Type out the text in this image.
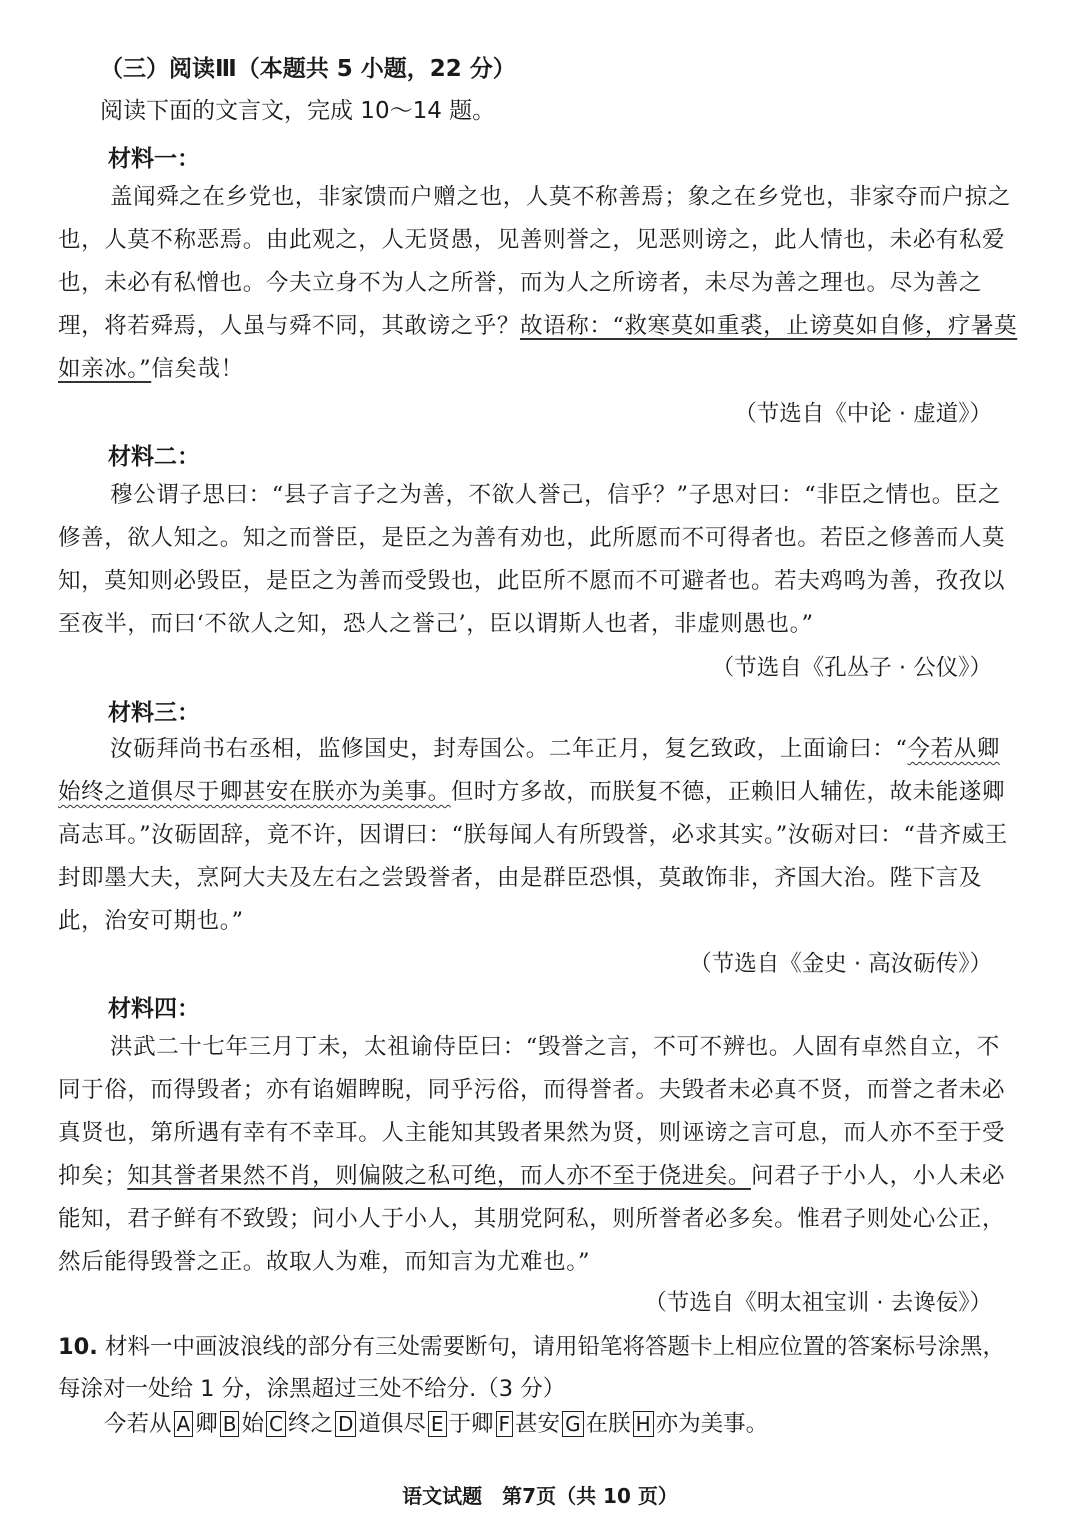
（三）阅读Ⅲ（本题共 5 小题，22 分）
阅读下面的文言文，完成 10～14 题。
材料一：

盖闻舜之在乡党也，非家馈而户赠之也，人莫不称善焉；象之在乡党也，非家夺而户掠之也，人莫不称恶焉。由此观之，人无贤愚，见善则誉之，见恶则谤之，此人情也，未必有私爱也，未必有私憎也。今夫立身不为人之所誉，而为人之所谤者，未尽为善之理也。尽为善之理，将若舜焉，人虽与舜不同，其敢谤之乎？故语称：“救寒莫如重裘，止谤莫如自修，疗暑莫如亲冰。”信矣哉！

（节选自《中论 · 虚道》）
材料二：

穆公谓子思曰：“县子言子之为善，不欲人誉己，信乎？”子思对曰：“非臣之情也。臣之修善，欲人知之。知之而誉臣，是臣之为善有劝也，此所愿而不可得者也。若臣之修善而人莫知，莫知则必毁臣，是臣之为善而受毁也，此臣所不愿而不可避者也。若夫鸡鸣为善，孜孜以至夜半，而曰‘不欲人之知，恐人之誉己’，臣以谓斯人也者，非虚则愚也。”

（节选自《孔丛子 · 公仪》）
材料三：

汝砺拜尚书右丞相，监修国史，封寿国公。二年正月，复乞致政，上面谕曰：“今若从卿始终之道俱尽于卿甚安在朕亦为美事。但时方多故，而朕复不德，正赖旧人辅佐，故未能遂卿高志耳。”汝砺固辞，竟不许，因谓曰：“朕每闻人有所毁誉，必求其实。”汝砺对曰：“昔齐威王封即墨大夫，烹阿大夫及左右之尝毁誉者，由是群臣恐惧，莫敢饰非，齐国大治。陛下言及此，治安可期也。”

（节选自《金史 · 高汝砺传》）
材料四：

洪武二十七年三月丁未，太祖谕侍臣曰：“毁誉之言，不可不辨也。人固有卓然自立，不同于俗，而得毁者；亦有谄媚睥睨，同乎污俗，而得誉者。夫毁者未必真不贤，而誉之者未必真贤也，第所遇有幸有不幸耳。人主能知其毁者果然为贤，则诬谤之言可息，而人亦不至于受抑矣；知其誉者果然不肖，则偏陂之私可绝，而人亦不至于侥进矣。问君子于小人，小人未必能知，君子鲜有不致毁；问小人于小人，其朋党阿私，则所誉者必多矣。惟君子则处心公正，然后能得毁誉之正。故取人为难，而知言为尤难也。”

（节选自《明太祖宝训 · 去谗佞》）
10. 材料一中画波浪线的部分有三处需要断句，请用铅笔将答题卡上相应位置的答案标号涂黑，每涂对一处给 1 分，涂黑超过三处不给分.（3 分）
今若从 A 卿 B 始 C 终之 D 道俱尽 E 于卿 F 甚安 G 在朕 H 亦为美事。
语文试题　第7页（共 10 页）
